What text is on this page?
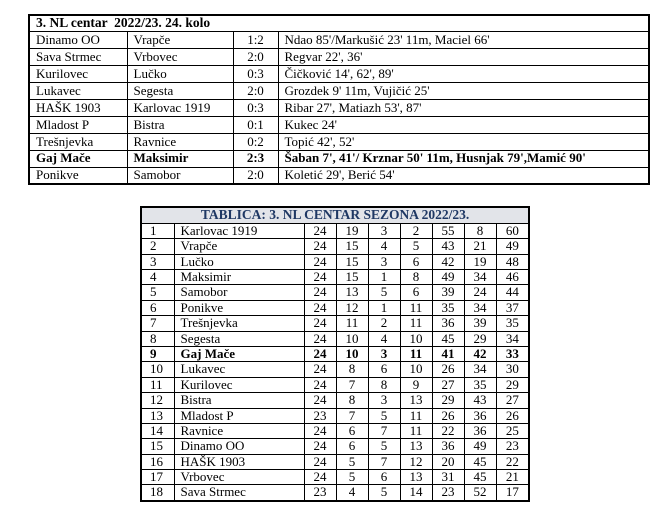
3. NL centar  2022/23. 24. kolo			
Dinamo OO	Vrapče	1:2	Ndao 85'/Markušić 23' 11m, Maciel 66'
Sava Strmec	Vrbovec	2:0	Regvar 22', 36'
Kurilovec	Lučko	0:3	Čičković 14', 62', 89'
Lukavec	Segesta	2:0	Grozdek 9' 11m, Vujičić 25'
HAŠK 1903	Karlovac 1919	0:3	Ribar 27', Matiazh 53', 87'
Mladost P	Bistra	0:1	Kukec 24'
Trešnjevka	Ravnice	0:2	Topić 42', 52'
Gaj Mače	Maksimir	2:3	Šaban 7', 41'/ Krznar 50' 11m, Husnjak 79',Mamić 90'
Ponikve	Samobor	2:0	Koletić 29', Berić 54'
TABLICA: 3. NL CENTAR SEZONA 2022/23.								
1	Karlovac 1919	24	19	3	2	55	8	60
2	Vrapče	24	15	4	5	43	21	49
3	Lučko	24	15	3	6	42	19	48
4	Maksimir	24	15	1	8	49	34	46
5	Samobor	24	13	5	6	39	24	44
6	Ponikve	24	12	1	11	35	34	37
7	Trešnjevka	24	11	2	11	36	39	35
8	Segesta	24	10	4	10	45	29	34
9	Gaj Mače	24	10	3	11	41	42	33
10	Lukavec	24	8	6	10	26	34	30
11	Kurilovec	24	7	8	9	27	35	29
12	Bistra	24	8	3	13	29	43	27
13	Mladost P	23	7	5	11	26	36	26
14	Ravnice	24	6	7	11	22	36	25
15	Dinamo OO	24	6	5	13	36	49	23
16	HAŠK 1903	24	5	7	12	20	45	22
17	Vrbovec	24	5	6	13	31	45	21
18	Sava Strmec	23	4	5	14	23	52	17
